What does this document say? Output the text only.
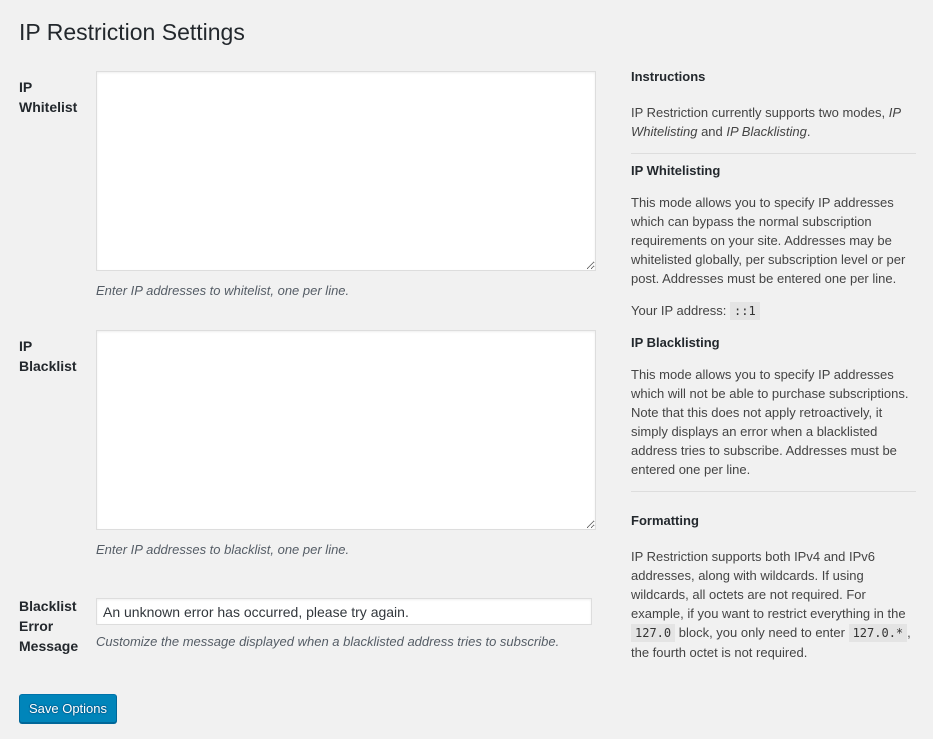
IP Restriction Settings
IP
Whitelist

Enter IP addresses to whitelist, one per line.

IP
Blacklist

Enter IP addresses to blacklist, one per line.

Blacklist
Error
Message
An unknown error has occurred, please try again.	Customize the message displayed when a blacklisted address tries to subscribe.

Save Options
Instructions

IP Restriction currently supports two modes, IP Whitelisting and IP Blacklisting.

IP Whitelisting

This mode allows you to specify IP addresses which can bypass the normal subscription requirements on your site. Addresses may be whitelisted globally, per subscription level or per post. Addresses must be entered one per line.

Your IP address: ::1
IP Blacklisting

This mode allows you to specify IP addresses which will not be able to purchase subscriptions. Note that this does not apply retroactively, it simply displays an error when a blacklisted address tries to subscribe. Addresses must be entered one per line.

Formatting

IP Restriction supports both IPv4 and IPv6 addresses, along with wildcards. If using wildcards, all octets are not required. For example, if you want to restrict everything in the 127.0 block, you only need to enter 127.0.* , the fourth octet is not required.
